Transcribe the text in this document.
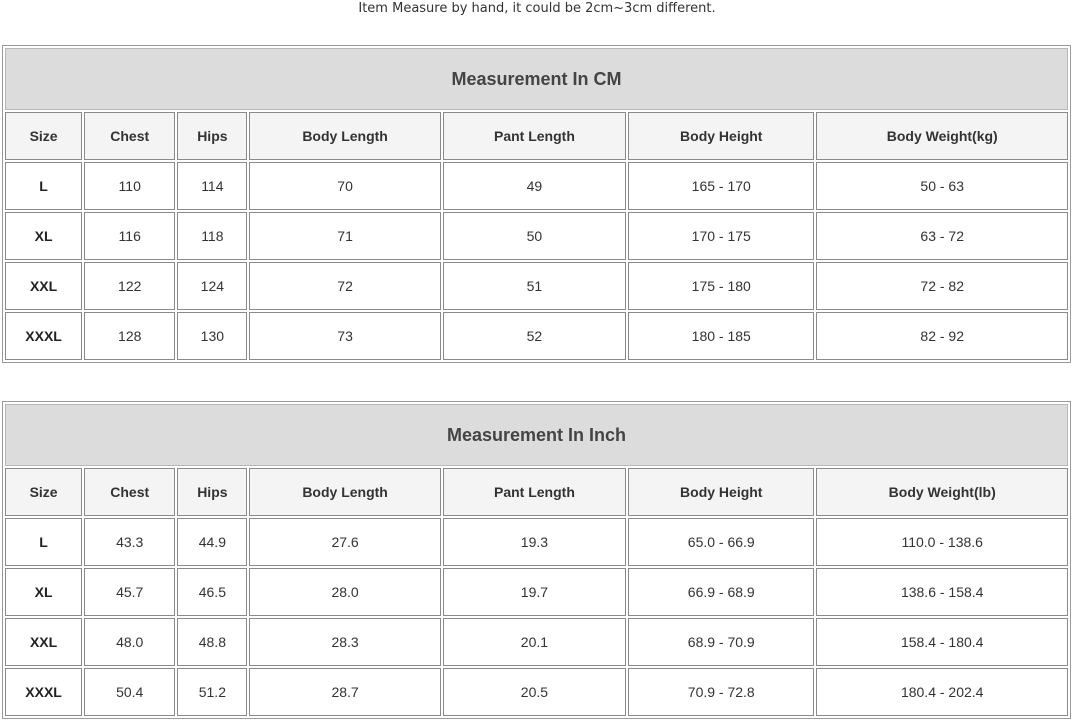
Item Measure by hand, it could be 2cm~3cm different.
Measurement In CM						
Size	Chest	Hips	Body Length	Pant Length	Body Height	Body Weight(kg)
L	110	114	70	49	165 - 170	50 - 63
XL	116	118	71	50	170 - 175	63 - 72
XXL	122	124	72	51	175 - 180	72 - 82
XXXL	128	130	73	52	180 - 185	82 - 92
Measurement In Inch						
Size	Chest	Hips	Body Length	Pant Length	Body Height	Body Weight(lb)
L	43.3	44.9	27.6	19.3	65.0 - 66.9	110.0 - 138.6
XL	45.7	46.5	28.0	19.7	66.9 - 68.9	138.6 - 158.4
XXL	48.0	48.8	28.3	20.1	68.9 - 70.9	158.4 - 180.4
XXXL	50.4	51.2	28.7	20.5	70.9 - 72.8	180.4 - 202.4
